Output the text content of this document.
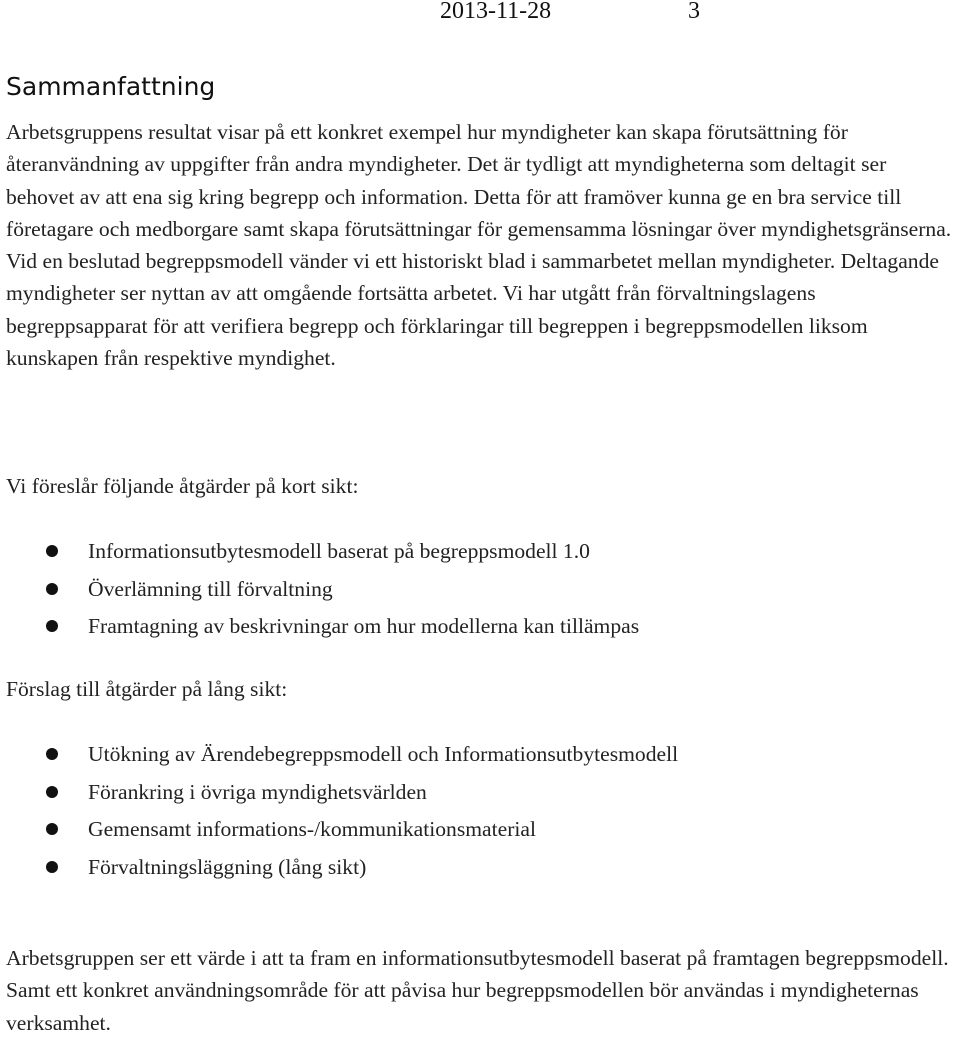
2013-11-28	3
Sammanfattning

Arbetsgruppens resultat visar på ett konkret exempel hur myndigheter kan skapa förutsättning för återanvändning av uppgifter från andra myndigheter. Det är tydligt att myndigheterna som deltagit ser behovet av att ena sig kring begrepp och information. Detta för att framöver kunna ge en bra service till företagare och medborgare samt skapa förutsättningar för gemensamma lösningar över myndighetsgränserna. Vid en beslutad begreppsmodell vänder vi ett historiskt blad i sammarbetet mellan myndigheter. Deltagande myndigheter ser nyttan av att omgående fortsätta arbetet. Vi har utgått från förvaltningslagens begreppsapparat för att verifiera begrepp och förklaringar till begreppen i begreppsmodellen liksom kunskapen från respektive myndighet.

Vi föreslår följande åtgärder på kort sikt:

Informationsutbytesmodell baserat på begreppsmodell 1.0
Överlämning till förvaltning
Framtagning av beskrivningar om hur modellerna kan tillämpas

Förslag till åtgärder på lång sikt:

Utökning av Ärendebegreppsmodell och Informationsutbytesmodell
Förankring i övriga myndighetsvärlden
Gemensamt informations-/kommunikationsmaterial
Förvaltningsläggning (lång sikt)

Arbetsgruppen ser ett värde i att ta fram en informationsutbytesmodell baserat på framtagen begreppsmodell. Samt ett konkret användningsområde för att påvisa hur begreppsmodellen bör användas i myndigheternas verksamhet.
